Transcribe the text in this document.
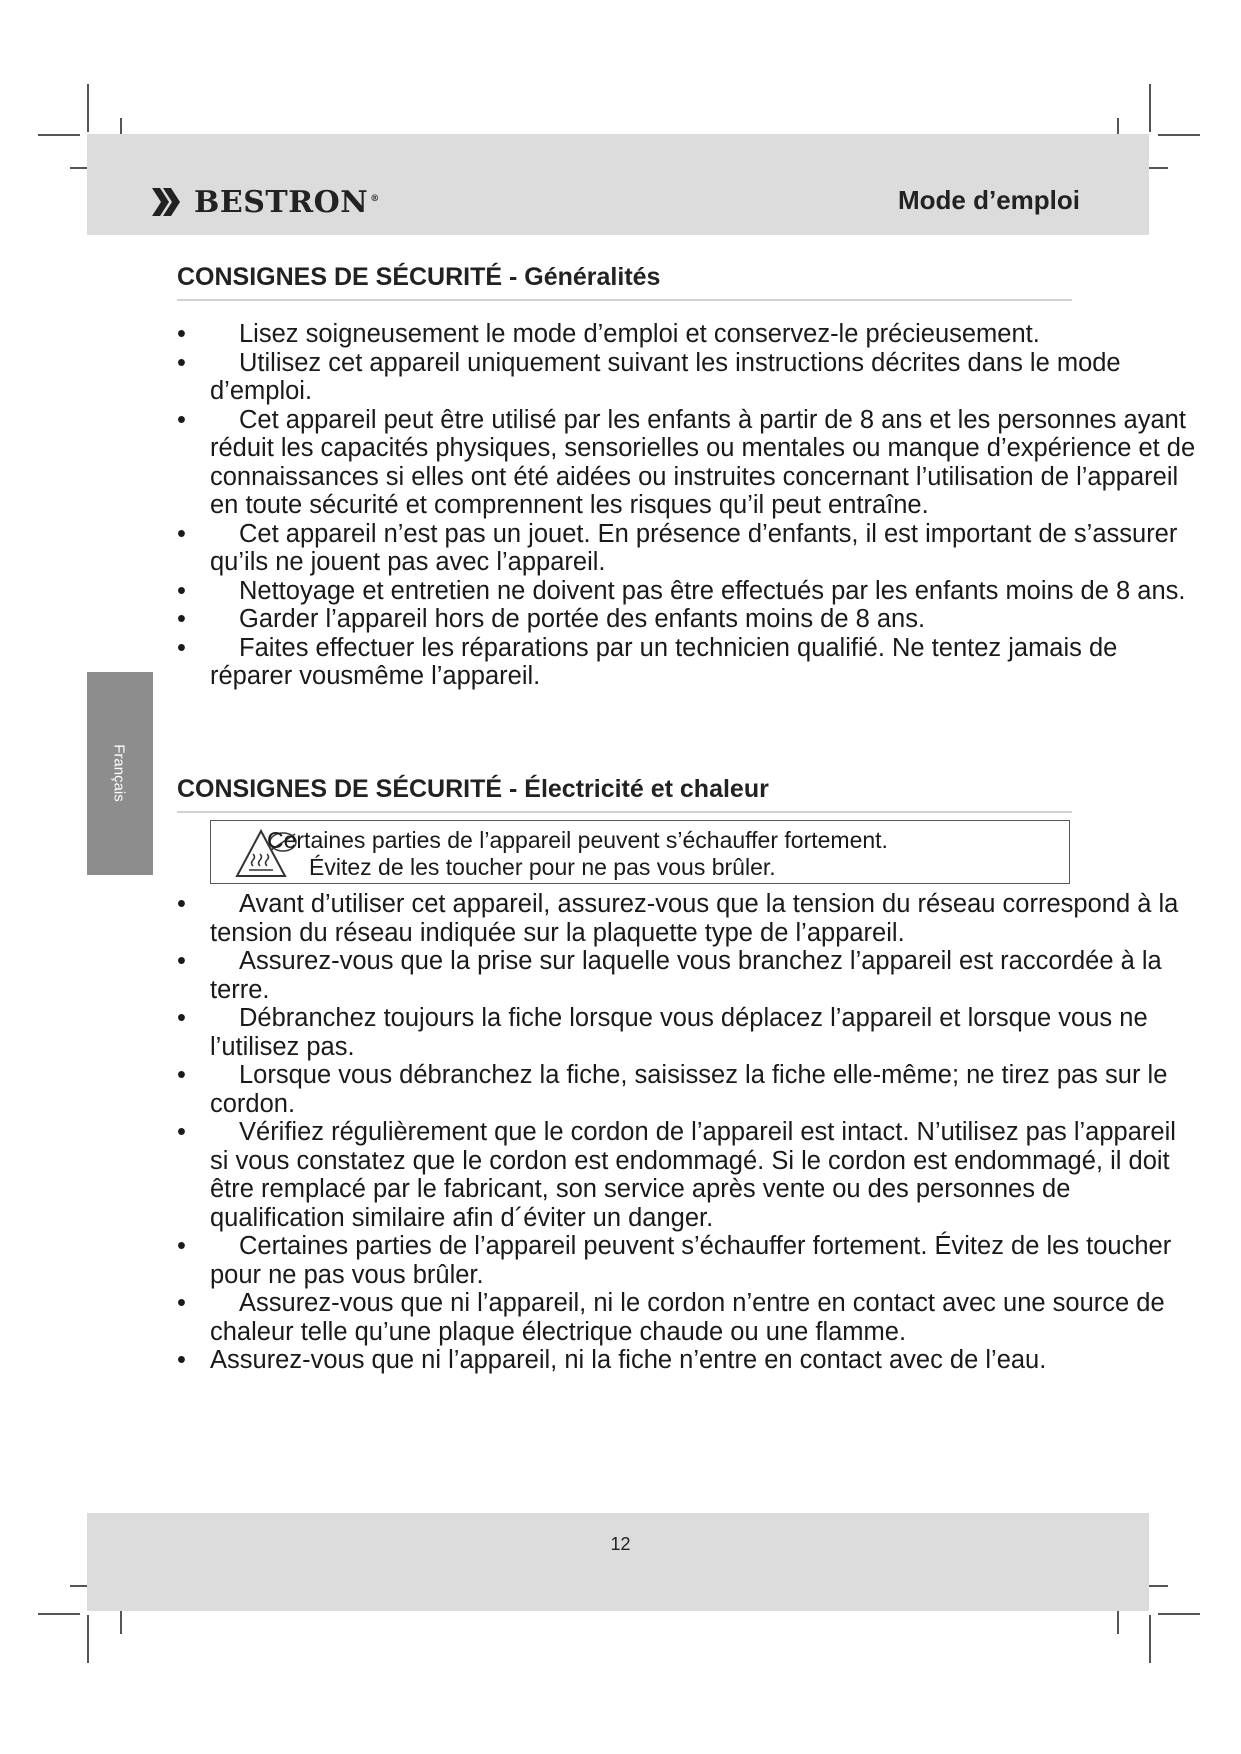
BESTRON ®	Mode d’emploi
Français
CONSIGNES DE SÉCURITÉ - Généralités
• Lisez soigneusement le mode d’emploi et conservez-le précieusement.
• Utilisez cet appareil uniquement suivant les instructions décrites dans le mode d’emploi.
• Cet appareil peut être utilisé par les enfants à partir de 8 ans et les personnes ayant réduit les capacités physiques, sensorielles ou mentales ou manque d’expérience et de connaissances si elles ont été aidées ou instruites concernant l’utilisation de l’appareil en toute sécurité et comprennent les risques qu’il peut entraîne.
• Cet appareil n’est pas un jouet. En présence d’enfants, il est important de s’assurer qu’ils ne jouent pas avec l’appareil.
• Nettoyage et entretien ne doivent pas être effectués par les enfants moins de 8 ans.
• Garder l’appareil hors de portée des enfants moins de 8 ans.
• Faites effectuer les réparations par un technicien qualifié. Ne tentez jamais de réparer vousmême l’appareil.
CONSIGNES DE SÉCURITÉ - Électricité et chaleur
Certaines parties de l’appareil peuvent s’échauffer fortement.
Évitez de les toucher pour ne pas vous brûler.
• Avant d’utiliser cet appareil, assurez-vous que la tension du réseau correspond à la tension du réseau indiquée sur la plaquette type de l’appareil.
• Assurez-vous que la prise sur laquelle vous branchez l’appareil est raccordée à la terre.
• Débranchez toujours la fiche lorsque vous déplacez l’appareil et lorsque vous ne l’utilisez pas.
• Lorsque vous débranchez la fiche, saisissez la fiche elle-même; ne tirez pas sur le cordon.
• Vérifiez régulièrement que le cordon de l’appareil est intact. N’utilisez pas l’appareil si vous constatez que le cordon est endommagé. Si le cordon est endommagé, il doit être remplacé par le fabricant, son service après vente ou des personnes de qualification similaire afin d´éviter un danger.
• Certaines parties de l’appareil peuvent s’échauffer fortement. Évitez de les toucher pour ne pas vous brûler.
• Assurez-vous que ni l’appareil, ni le cordon n’entre en contact avec une source de chaleur telle qu’une plaque électrique chaude ou une flamme.
• Assurez-vous que ni l’appareil, ni la fiche n’entre en contact avec de l’eau.
12
